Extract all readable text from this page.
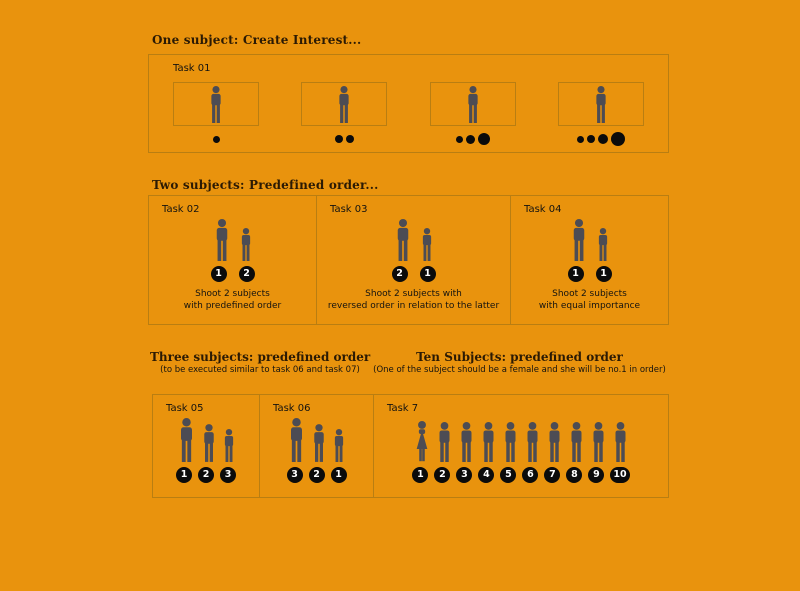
One subject: Create Interest...
Task 01
Two subjects: Predefined order...
Task 02
1	2
Shoot 2 subjects
with predefined order
Task 03
2	1
Shoot 2 subjects with
reversed order in relation to the latter
Task 04
1	1
Shoot 2 subjects
with equal importance
Three subjects: predefined order
(to be executed similar to task 06 and task 07)
Ten Subjects: predefined order
(One of the subject should be a female and she will be no.1 in order)
Task 05
1	2	3
Task 06
3	2	1
Task 7
1	2	3	4	5	6	7	8	9	10
